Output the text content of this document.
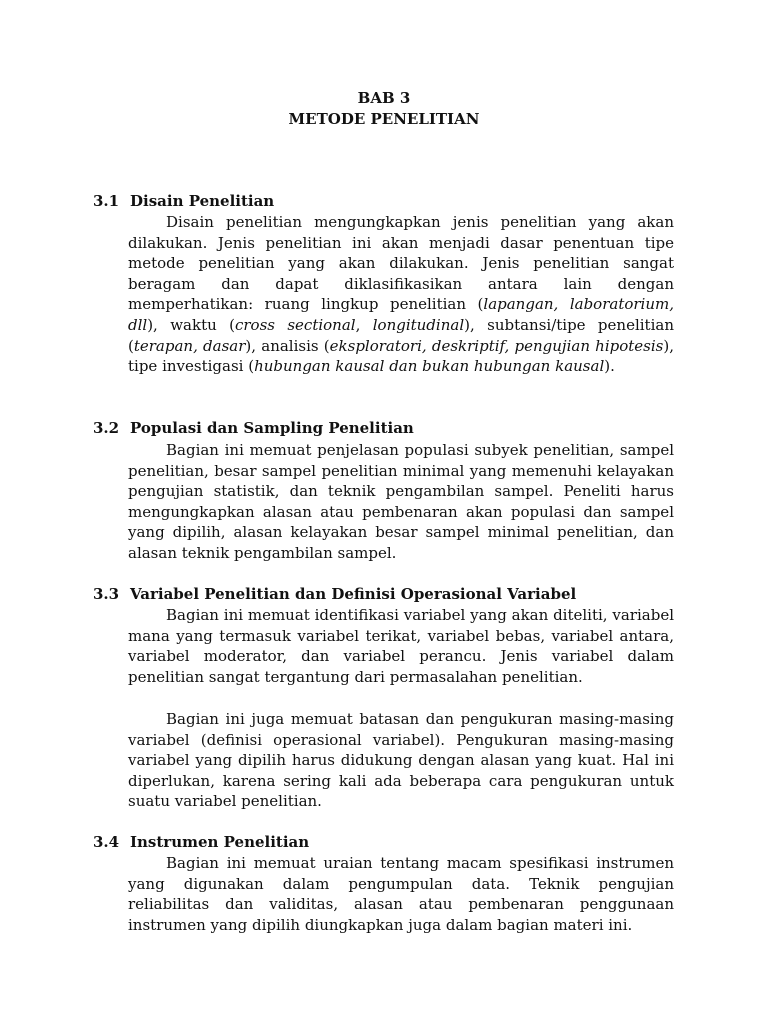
BAB 3
METODE PENELITIAN
3.1 Disain Penelitian

Disain penelitian mengungkapkan jenis penelitian yang akan dilakukan. Jenis penelitian ini akan menjadi dasar penentuan tipe metode penelitian yang akan dilakukan. Jenis penelitian sangat beragam dan dapat diklasifikasikan antara lain dengan memperhatikan: ruang lingkup penelitian (lapangan, laboratorium, dll), waktu (cross sectional, longitudinal), subtansi/tipe penelitian (terapan, dasar), analisis (eksploratori, deskriptif, pengujian hipotesis), tipe investigasi (hubungan kausal dan bukan hubungan kausal).

3.2 Populasi dan Sampling Penelitian

Bagian ini memuat penjelasan populasi subyek penelitian, sampel penelitian, besar sampel penelitian minimal yang memenuhi kelayakan pengujian statistik, dan teknik pengambilan sampel. Peneliti harus mengungkapkan alasan atau pembenaran akan populasi dan sampel yang dipilih, alasan kelayakan besar sampel minimal penelitian, dan alasan teknik pengambilan sampel.

3.3 Variabel Penelitian dan Definisi Operasional Variabel

Bagian ini memuat identifikasi variabel yang akan diteliti, variabel mana yang termasuk variabel terikat, variabel bebas, variabel antara, variabel moderator, dan variabel perancu. Jenis variabel dalam penelitian sangat tergantung dari permasalahan penelitian.

Bagian ini juga memuat batasan dan pengukuran masing-masing variabel (definisi operasional variabel). Pengukuran masing-masing variabel yang dipilih harus didukung dengan alasan yang kuat. Hal ini diperlukan, karena sering kali ada beberapa cara pengukuran untuk suatu variabel penelitian.

3.4 Instrumen Penelitian

Bagian ini memuat uraian tentang macam spesifikasi instrumen yang digunakan dalam pengumpulan data. Teknik pengujian reliabilitas dan validitas, alasan atau pembenaran penggunaan instrumen yang dipilih diungkapkan juga dalam bagian materi ini.
